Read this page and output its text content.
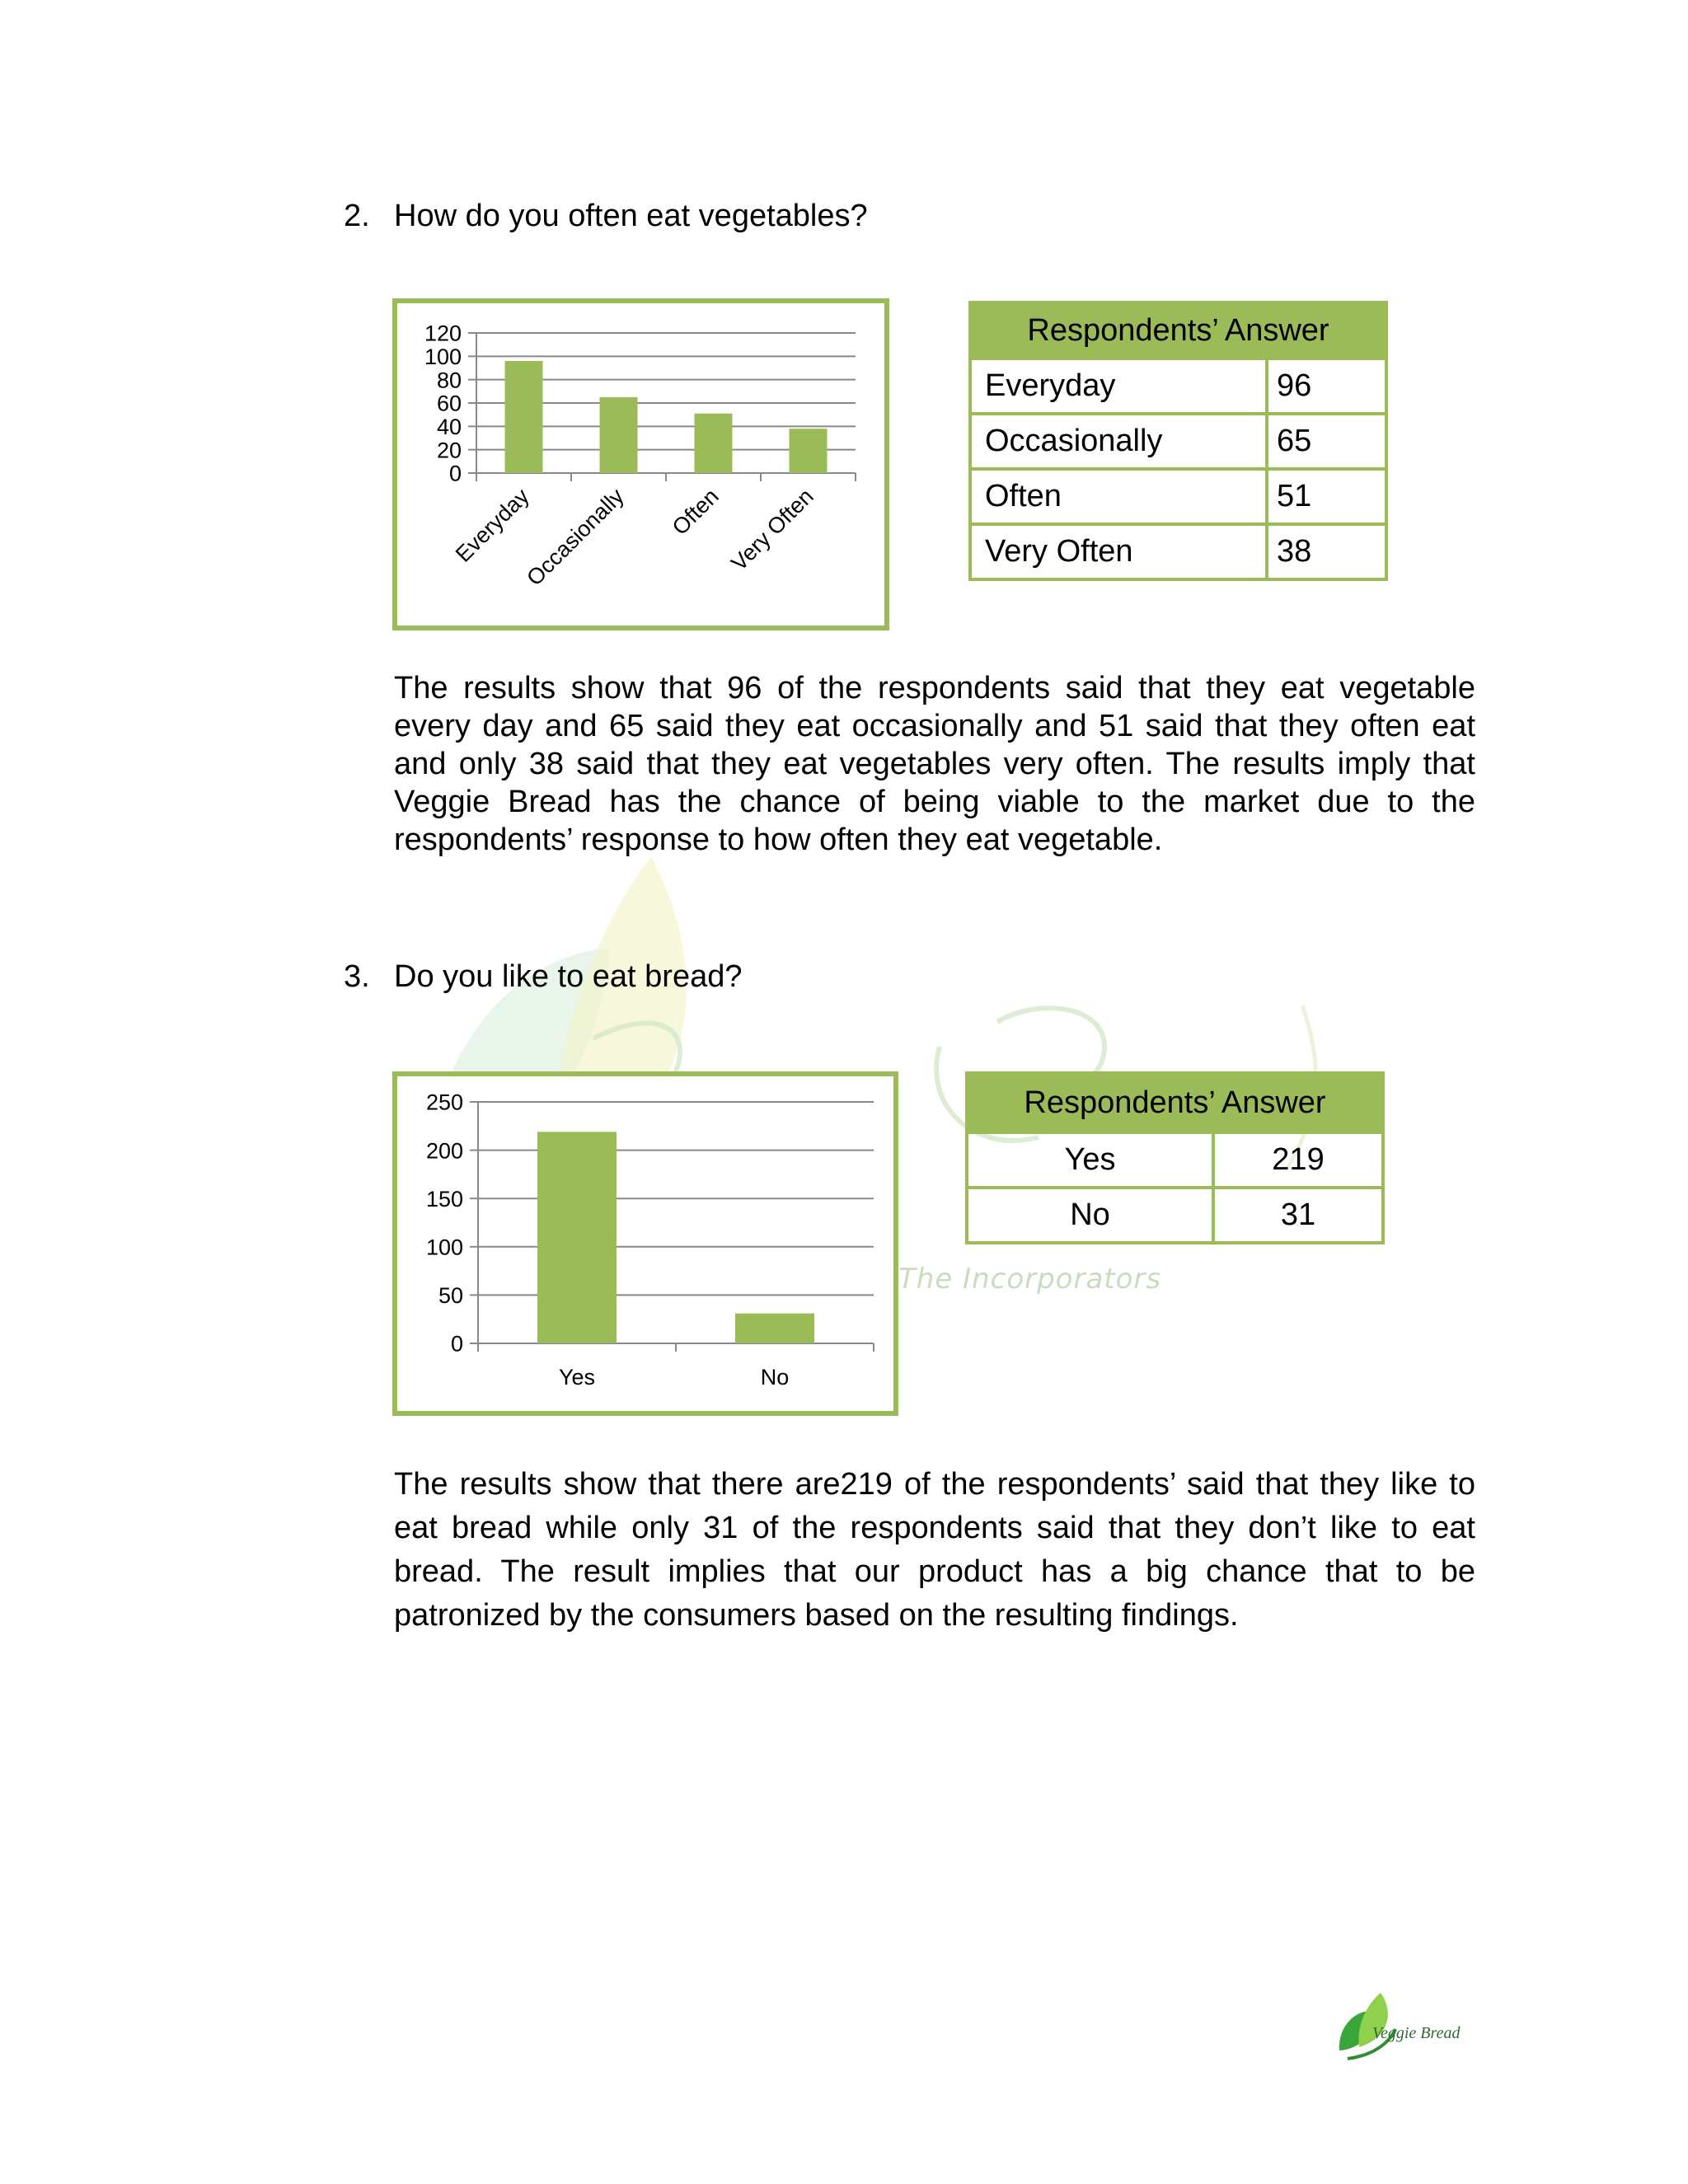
The Incorporators
2. How do you often eat vegetables?
0
20
40
60
80
100
120
Everyday
Occasionally Often Very Often
Respondents’ Answer	
Everyday	96
Occasionally	65
Often	51
Very Often	38
The results show that 96 of the respondents said that they eat vegetable every day and 65 said they eat occasionally and 51 said that they often eat and only 38 said that they eat vegetables very often. The results imply that Veggie Bread has the chance of being viable to the market due to the respondents’ response to how often they eat vegetable.
3. Do you like to eat bread?
0
50
100
150
200
250
Yes	No
Respondents’ Answer	
Yes	219
No	31
The results show that there are219 of the respondents’ said that they like to eat bread while only 31 of the respondents said that they don’t like to eat bread. The result implies that our product has a big chance that to be patronized by the consumers based on the resulting findings.
Veggie Bread
